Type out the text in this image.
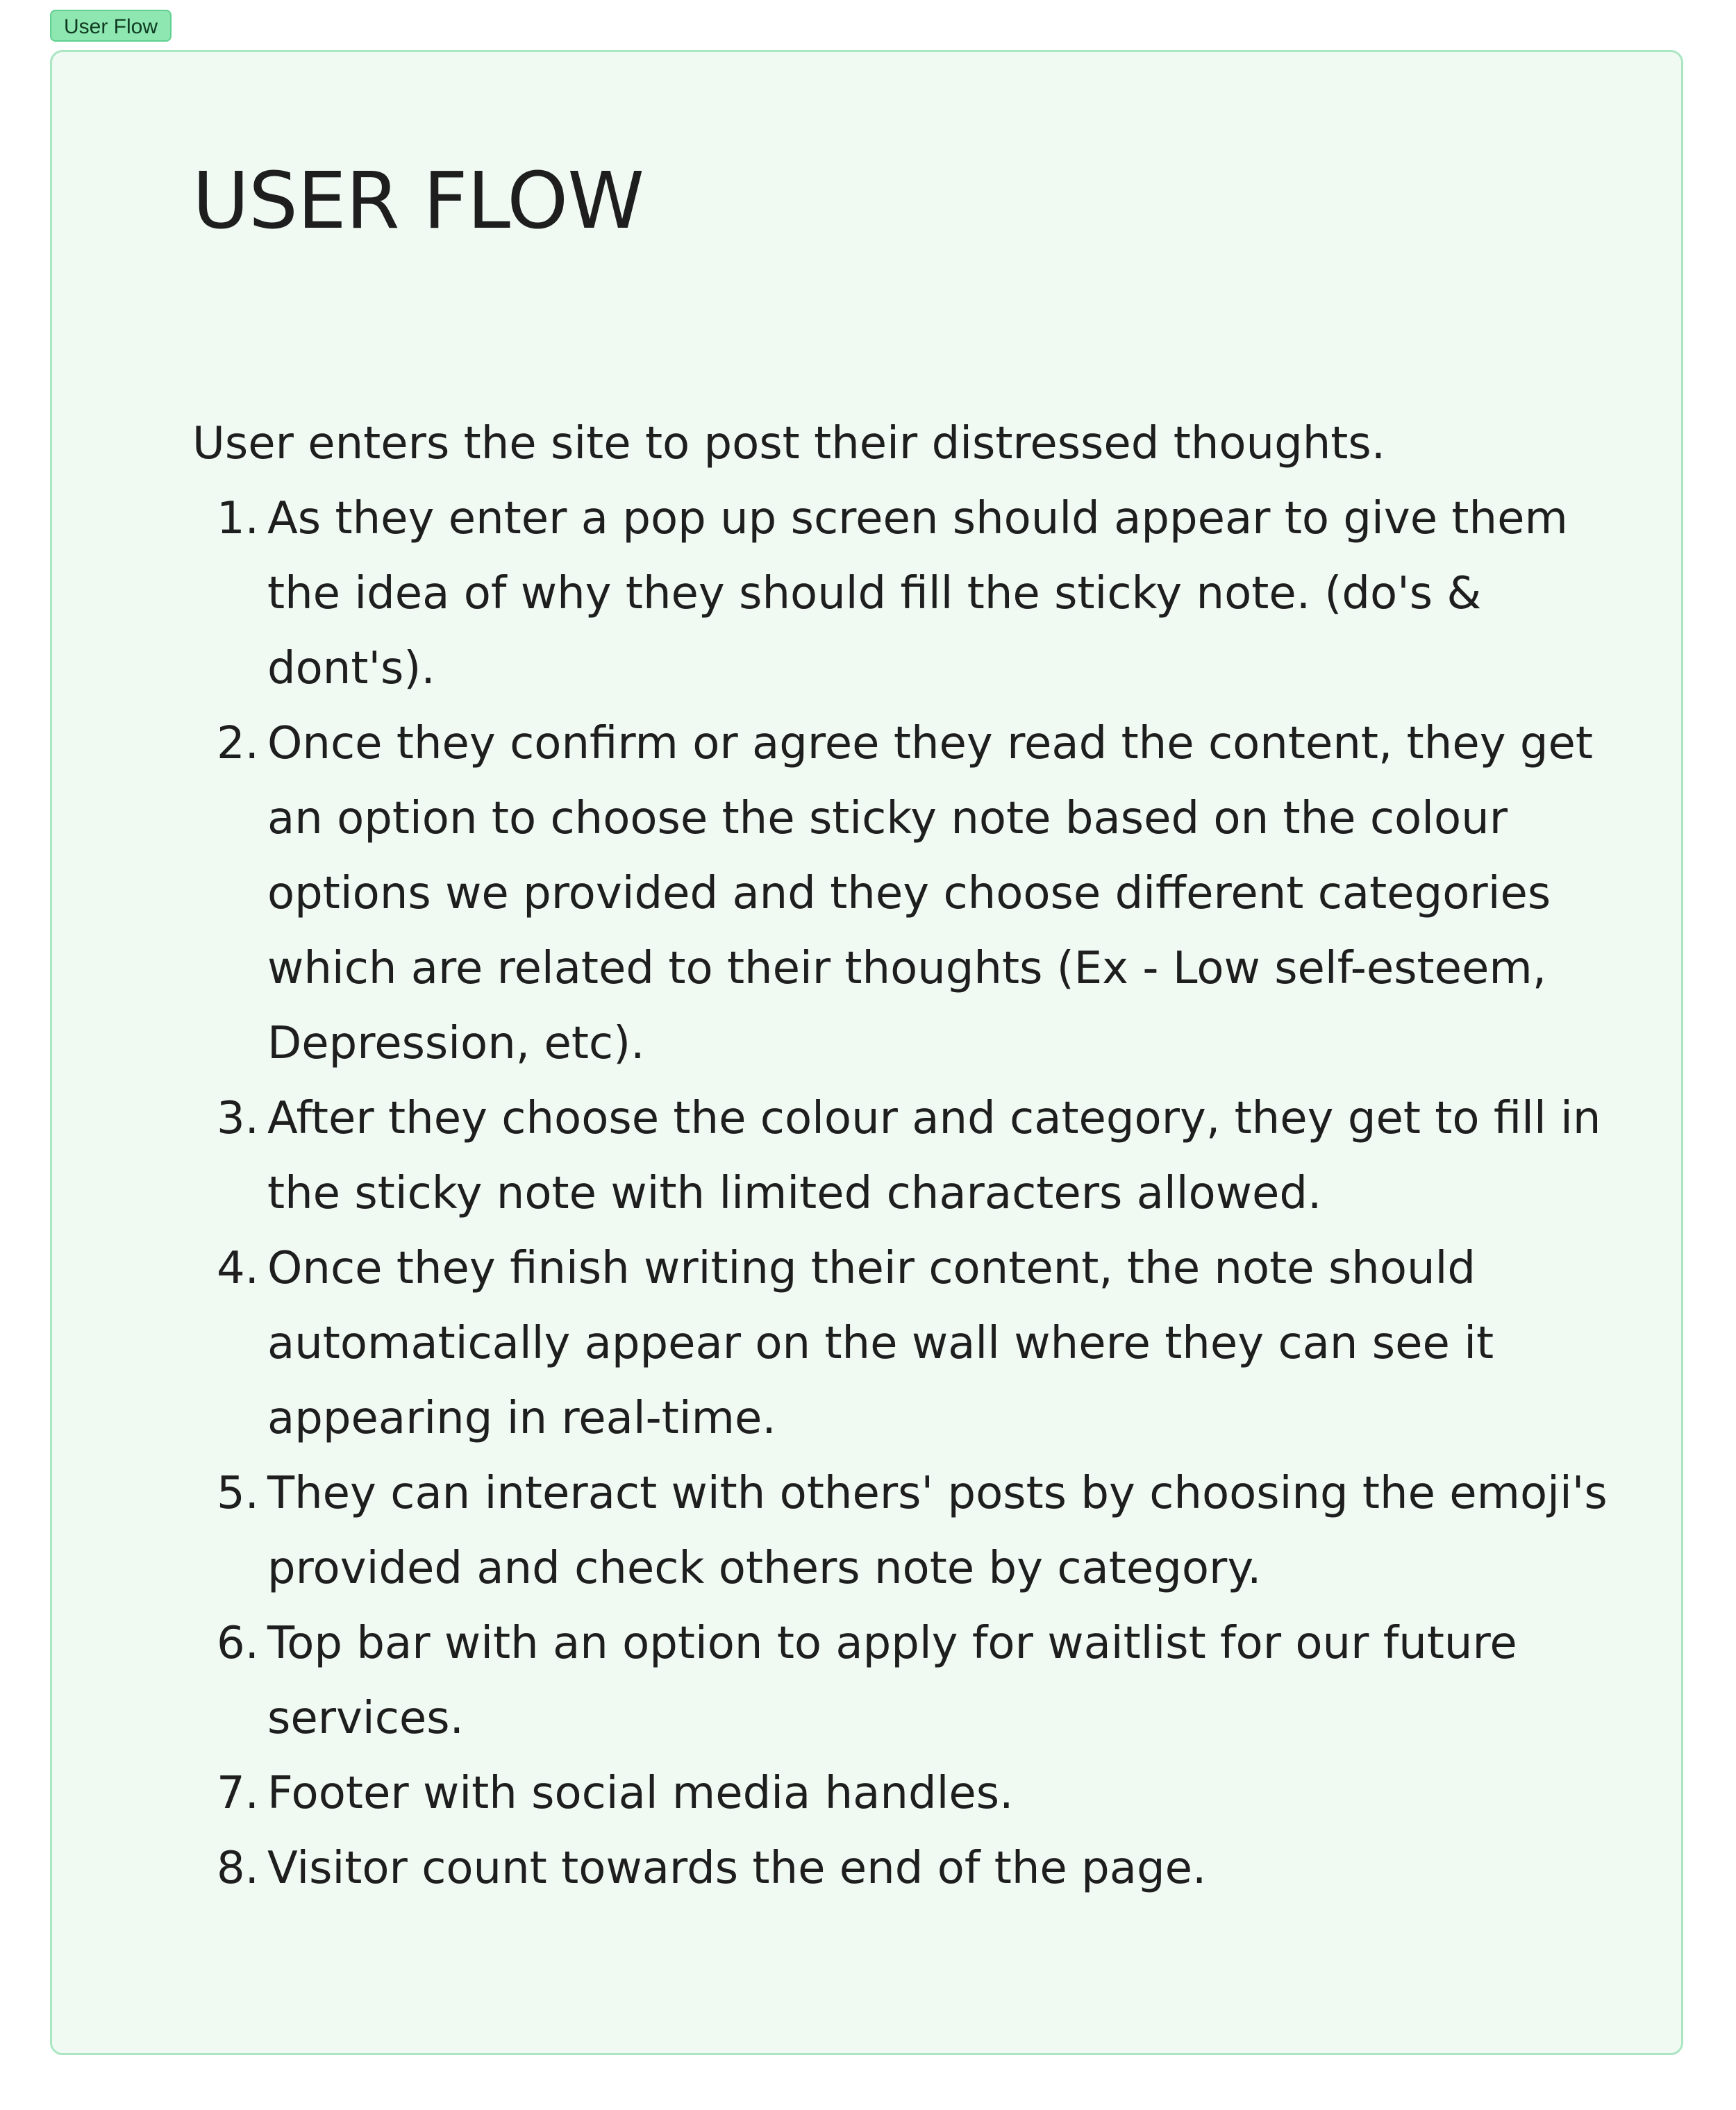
User Flow
USER FLOW

User enters the site to post their distressed thoughts.

1. As they enter a pop up screen should appear to give them the idea of why they should fill the sticky note. (do's & dont's).
2. Once they confirm or agree they read the content, they get an option to choose the sticky note based on the colour options we provided and they choose different categories which are related to their thoughts (Ex - Low self-esteem, Depression, etc).
3. After they choose the colour and category, they get to fill in the sticky note with limited characters allowed.
4. Once they finish writing their content, the note should automatically appear on the wall where they can see it appearing in real-time.
5. They can interact with others' posts by choosing the emoji's provided and check others note by category.
6. Top bar with an option to apply for waitlist for our future services.
7. Footer with social media handles.
8. Visitor count towards the end of the page.
